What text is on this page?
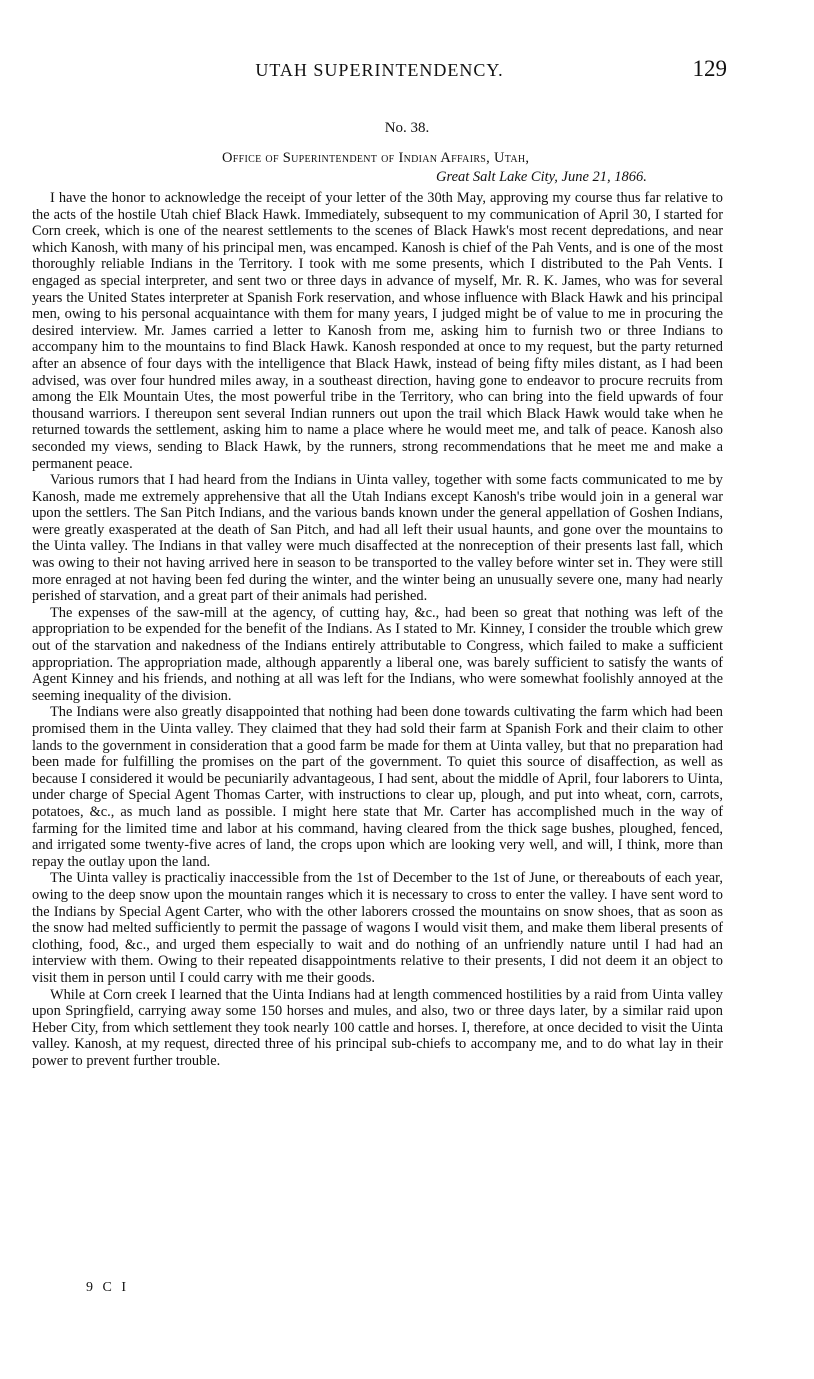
UTAH SUPERINTENDENCY.	129
No. 38.
Office of Superintendent of Indian Affairs, Utah,
Great Salt Lake City, June 21, 1866.

I have the honor to acknowledge the receipt of your letter of the 30th May, approving my course thus far relative to the acts of the hostile Utah chief Black Hawk. Immediately, subsequent to my communication of April 30, I started for Corn creek, which is one of the nearest settlements to the scenes of Black Hawk's most recent depredations, and near which Kanosh, with many of his principal men, was encamped. Kanosh is chief of the Pah Vents, and is one of the most thoroughly reliable Indians in the Territory. I took with me some presents, which I distributed to the Pah Vents. I engaged as special interpreter, and sent two or three days in advance of myself, Mr. R. K. James, who was for several years the United States interpreter at Spanish Fork reservation, and whose influence with Black Hawk and his principal men, owing to his personal acquaintance with them for many years, I judged might be of value to me in procuring the desired interview. Mr. James carried a letter to Kanosh from me, asking him to furnish two or three Indians to accompany him to the mountains to find Black Hawk. Kanosh responded at once to my request, but the party returned after an absence of four days with the intelligence that Black Hawk, instead of being fifty miles distant, as I had been advised, was over four hundred miles away, in a southeast direction, having gone to endeavor to procure recruits from among the Elk Mountain Utes, the most powerful tribe in the Territory, who can bring into the field upwards of four thousand warriors. I thereupon sent several Indian runners out upon the trail which Black Hawk would take when he returned towards the settlement, asking him to name a place where he would meet me, and talk of peace. Kanosh also seconded my views, sending to Black Hawk, by the runners, strong recommendations that he meet me and make a permanent peace.

Various rumors that I had heard from the Indians in Uinta valley, together with some facts communicated to me by Kanosh, made me extremely apprehensive that all the Utah Indians except Kanosh's tribe would join in a general war upon the settlers. The San Pitch Indians, and the various bands known under the general appellation of Goshen Indians, were greatly exasperated at the death of San Pitch, and had all left their usual haunts, and gone over the mountains to the Uinta valley. The Indians in that valley were much disaffected at the nonreception of their presents last fall, which was owing to their not having arrived here in season to be transported to the valley before winter set in. They were still more enraged at not having been fed during the winter, and the winter being an unusually severe one, many had nearly perished of starvation, and a great part of their animals had perished.

The expenses of the saw-mill at the agency, of cutting hay, &c., had been so great that nothing was left of the appropriation to be expended for the benefit of the Indians. As I stated to Mr. Kinney, I consider the trouble which grew out of the starvation and nakedness of the Indians entirely attributable to Congress, which failed to make a sufficient appropriation. The appropriation made, although apparently a liberal one, was barely sufficient to satisfy the wants of Agent Kinney and his friends, and nothing at all was left for the Indians, who were somewhat foolishly annoyed at the seeming inequality of the division.

The Indians were also greatly disappointed that nothing had been done towards cultivating the farm which had been promised them in the Uinta valley. They claimed that they had sold their farm at Spanish Fork and their claim to other lands to the government in consideration that a good farm be made for them at Uinta valley, but that no preparation had been made for fulfilling the promises on the part of the government. To quiet this source of disaffection, as well as because I considered it would be pecuniarily advantageous, I had sent, about the middle of April, four laborers to Uinta, under charge of Special Agent Thomas Carter, with instructions to clear up, plough, and put into wheat, corn, carrots, potatoes, &c., as much land as possible. I might here state that Mr. Carter has accomplished much in the way of farming for the limited time and labor at his command, having cleared from the thick sage bushes, ploughed, fenced, and irrigated some twenty-five acres of land, the crops upon which are looking very well, and will, I think, more than repay the outlay upon the land.

The Uinta valley is practicaliy inaccessible from the 1st of December to the 1st of June, or thereabouts of each year, owing to the deep snow upon the mountain ranges which it is necessary to cross to enter the valley. I have sent word to the Indians by Special Agent Carter, who with the other laborers crossed the mountains on snow shoes, that as soon as the snow had melted sufficiently to permit the passage of wagons I would visit them, and make them liberal presents of clothing, food, &c., and urged them especially to wait and do nothing of an unfriendly nature until I had had an interview with them. Owing to their repeated disappointments relative to their presents, I did not deem it an object to visit them in person until I could carry with me their goods.

While at Corn creek I learned that the Uinta Indians had at length commenced hostilities by a raid from Uinta valley upon Springfield, carrying away some 150 horses and mules, and also, two or three days later, by a similar raid upon Heber City, from which settlement they took nearly 100 cattle and horses. I, therefore, at once decided to visit the Uinta valley. Kanosh, at my request, directed three of his principal sub-chiefs to accompany me, and to do what lay in their power to prevent further trouble.

9 C I
